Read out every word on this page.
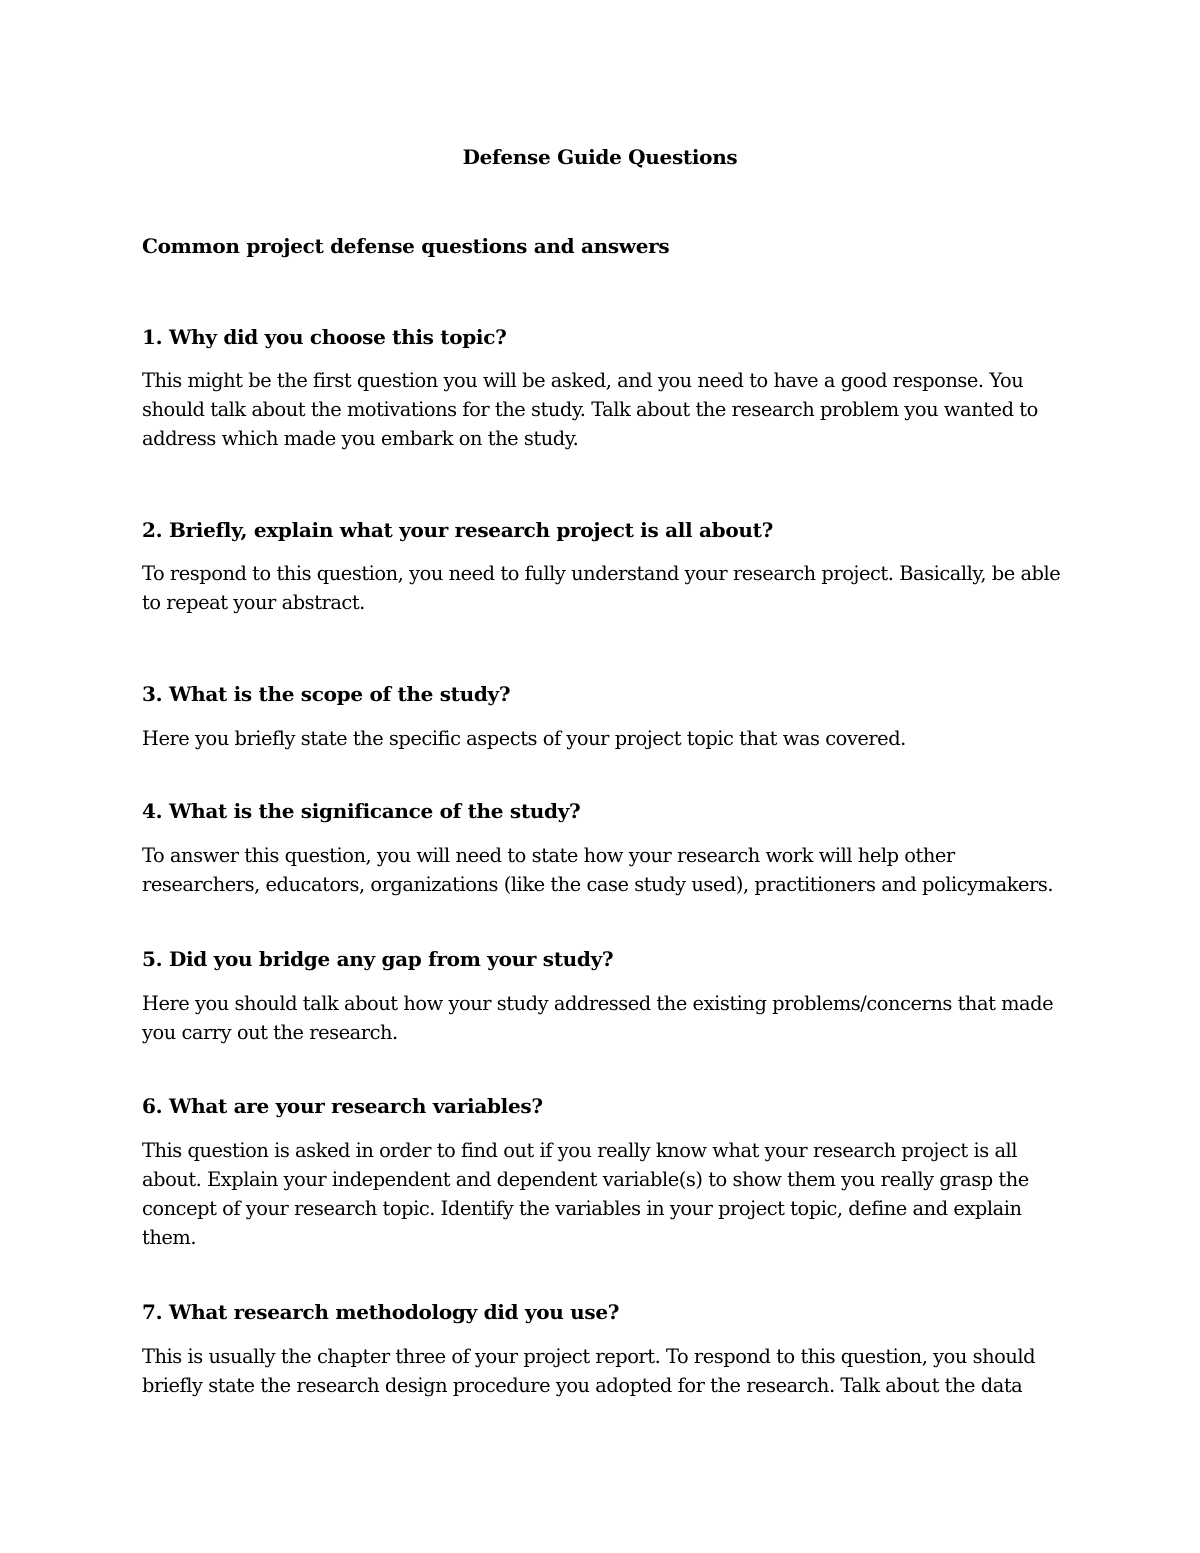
Defense Guide Questions
Common project defense questions and answers
1. Why did you choose this topic?
This might be the first question you will be asked, and you need to have a good response. You
should talk about the motivations for the study. Talk about the research problem you wanted to
address which made you embark on the study.
2. Briefly, explain what your research project is all about?
To respond to this question, you need to fully understand your research project. Basically, be able
to repeat your abstract.
3. What is the scope of the study?
Here you briefly state the specific aspects of your project topic that was covered.
4. What is the significance of the study?
To answer this question, you will need to state how your research work will help other
researchers, educators, organizations (like the case study used), practitioners and policymakers.
5. Did you bridge any gap from your study?
Here you should talk about how your study addressed the existing problems/concerns that made
you carry out the research.
6. What are your research variables?
This question is asked in order to find out if you really know what your research project is all
about. Explain your independent and dependent variable(s) to show them you really grasp the
concept of your research topic. Identify the variables in your project topic, define and explain
them.
7. What research methodology did you use?
This is usually the chapter three of your project report. To respond to this question, you should
briefly state the research design procedure you adopted for the research. Talk about the data
